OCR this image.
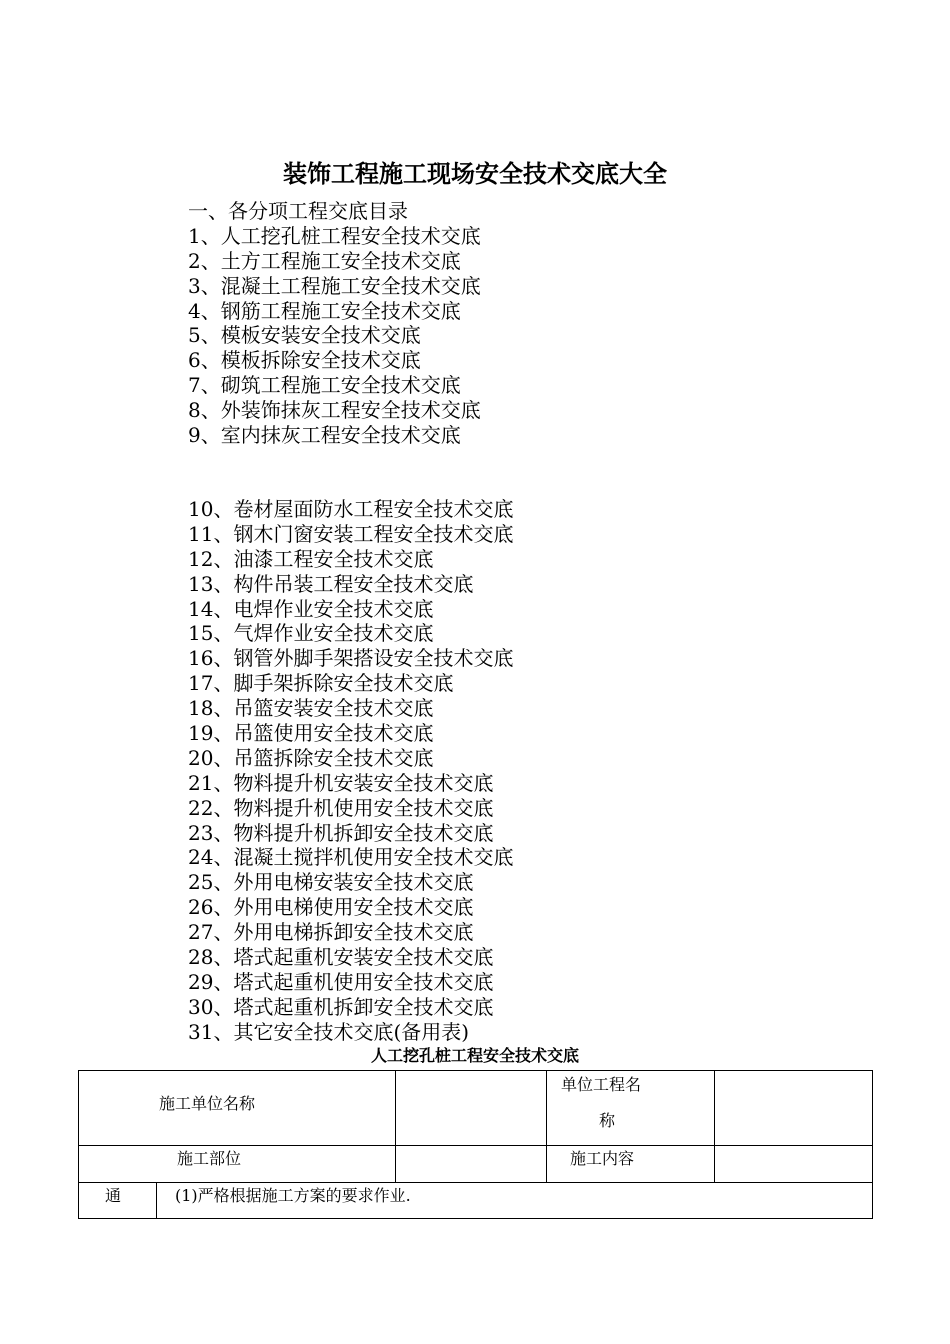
装饰工程施工现场安全技术交底大全
一、各分项工程交底目录
1、人工挖孔桩工程安全技术交底
2、土方工程施工安全技术交底
3、混凝土工程施工安全技术交底
4、钢筋工程施工安全技术交底
5、模板安装安全技术交底
6、模板拆除安全技术交底
7、砌筑工程施工安全技术交底
8、外装饰抹灰工程安全技术交底
9、室内抹灰工程安全技术交底
10、卷材屋面防水工程安全技术交底
11、钢木门窗安装工程安全技术交底
12、油漆工程安全技术交底
13、构件吊装工程安全技术交底
14、电焊作业安全技术交底
15、气焊作业安全技术交底
16、钢管外脚手架搭设安全技术交底
17、脚手架拆除安全技术交底
18、吊篮安装安全技术交底
19、吊篮使用安全技术交底
20、吊篮拆除安全技术交底
21、物料提升机安装安全技术交底
22、物料提升机使用安全技术交底
23、物料提升机拆卸安全技术交底
24、混凝土搅拌机使用安全技术交底
25、外用电梯安装安全技术交底
26、外用电梯使用安全技术交底
27、外用电梯拆卸安全技术交底
28、塔式起重机安装安全技术交底
29、塔式起重机使用安全技术交底
30、塔式起重机拆卸安全技术交底
31、其它安全技术交底(备用表)
人工挖孔桩工程安全技术交底
施工单位名称
单位工程名
称
施工部位	施工内容
通	(1)严格根据施工方案的要求作业.
